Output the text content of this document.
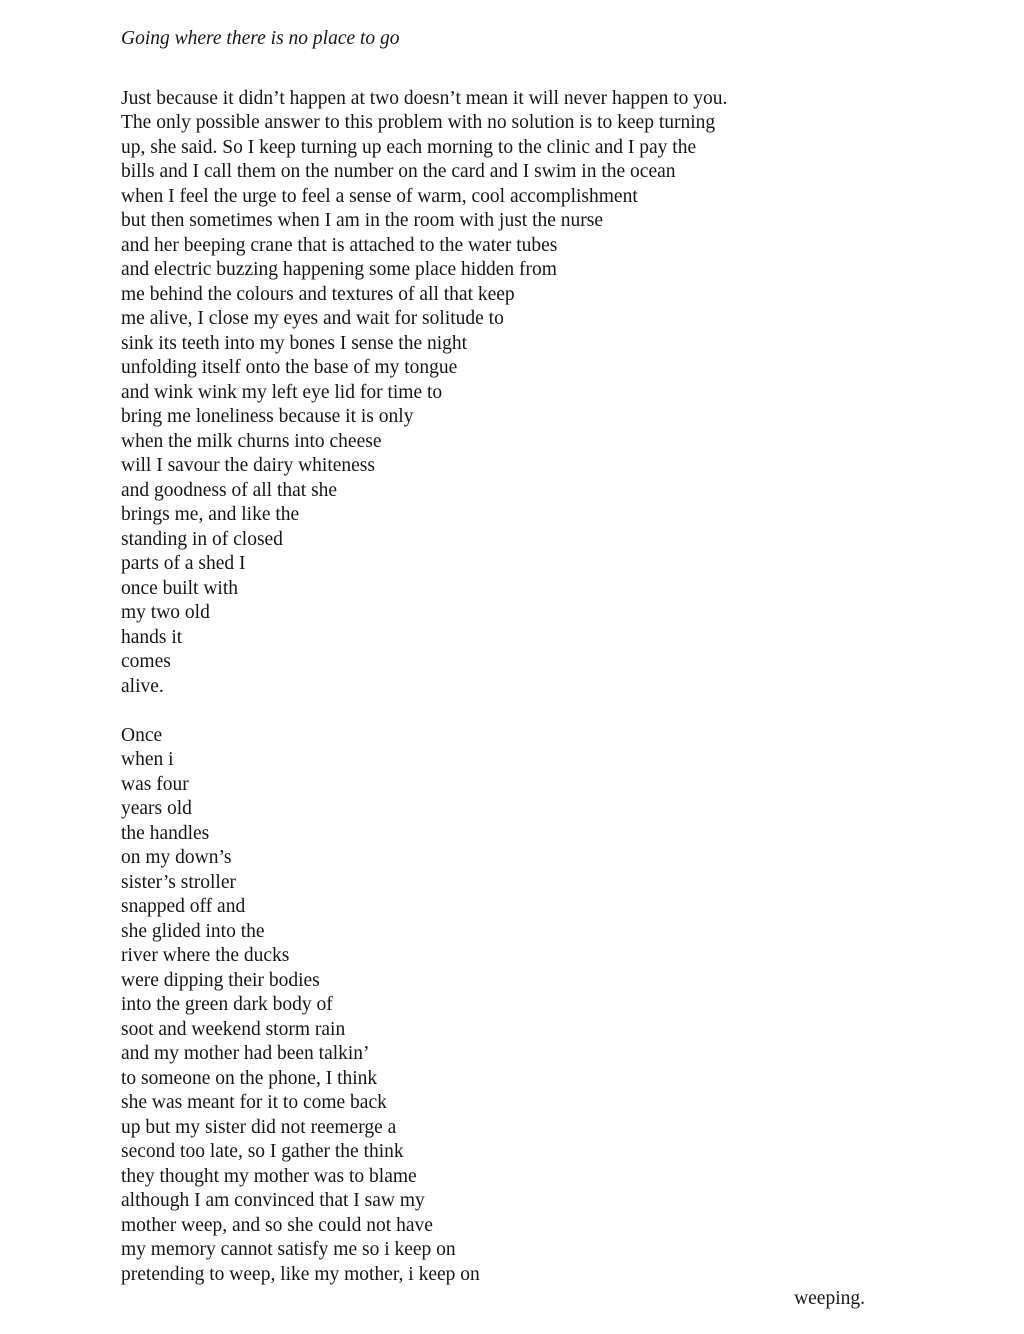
Going where there is no place to go
Just because it didn’t happen at two doesn’t mean it will never happen to you.
The only possible answer to this problem with no solution is to keep turning
up, she said. So I keep turning up each morning to the clinic and I pay the
bills and I call them on the number on the card and I swim in the ocean
when I feel the urge to feel a sense of warm, cool accomplishment
but then sometimes when I am in the room with just the nurse
and her beeping crane that is attached to the water tubes
and electric buzzing happening some place hidden from
me behind the colours and textures of all that keep
me alive, I close my eyes and wait for solitude to
sink its teeth into my bones I sense the night
unfolding itself onto the base of my tongue
and wink wink my left eye lid for time to
bring me loneliness because it is only
when the milk churns into cheese
will I savour the dairy whiteness
and goodness of all that she
brings me, and like the
standing in of closed
parts of a shed I
once built with
my two old
hands it
comes
alive.
Once
when i
was four
years old
the handles
on my down’s
sister’s stroller
snapped off and
she glided into the
river where the ducks
were dipping their bodies
into the green dark body of
soot and weekend storm rain
and my mother had been talkin’
to someone on the phone, I think
she was meant for it to come back
up but my sister did not reemerge a
second too late, so I gather the think
they thought my mother was to blame
although I am convinced that I saw my
mother weep, and so she could not have
my memory cannot satisfy me so i keep on
pretending to weep, like my mother, i keep on
weeping.
